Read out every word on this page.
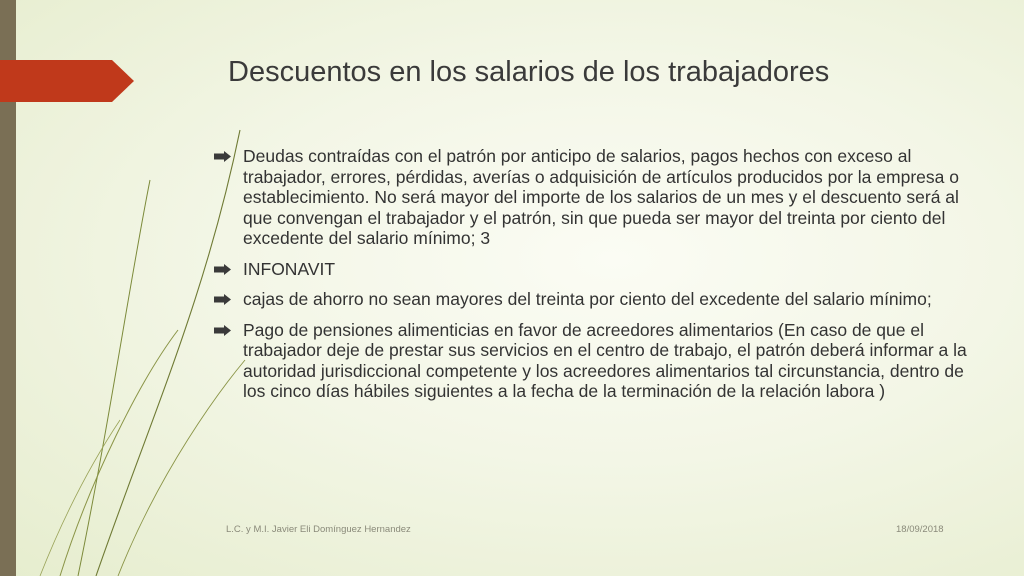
Descuentos en los salarios de los trabajadores
Deudas contraídas con el patrón por anticipo de salarios, pagos hechos con exceso al trabajador, errores, pérdidas, averías o adquisición de artículos producidos por la empresa o establecimiento. No será mayor del importe de los salarios de un mes y el descuento será al que convengan el trabajador y el patrón, sin que pueda ser mayor del treinta por ciento del excedente del salario mínimo; 3
INFONAVIT
cajas de ahorro no sean mayores del treinta por ciento del excedente del salario mínimo;
Pago de pensiones alimenticias en favor de acreedores alimentarios (En caso de que el trabajador deje de prestar sus servicios en el centro de trabajo, el patrón deberá informar a la autoridad jurisdiccional competente y los acreedores alimentarios tal circunstancia, dentro de los cinco días hábiles siguientes a la fecha de la terminación de la relación labora )
L.C. y M.I. Javier Eli Domínguez Hernandez	18/09/2018
